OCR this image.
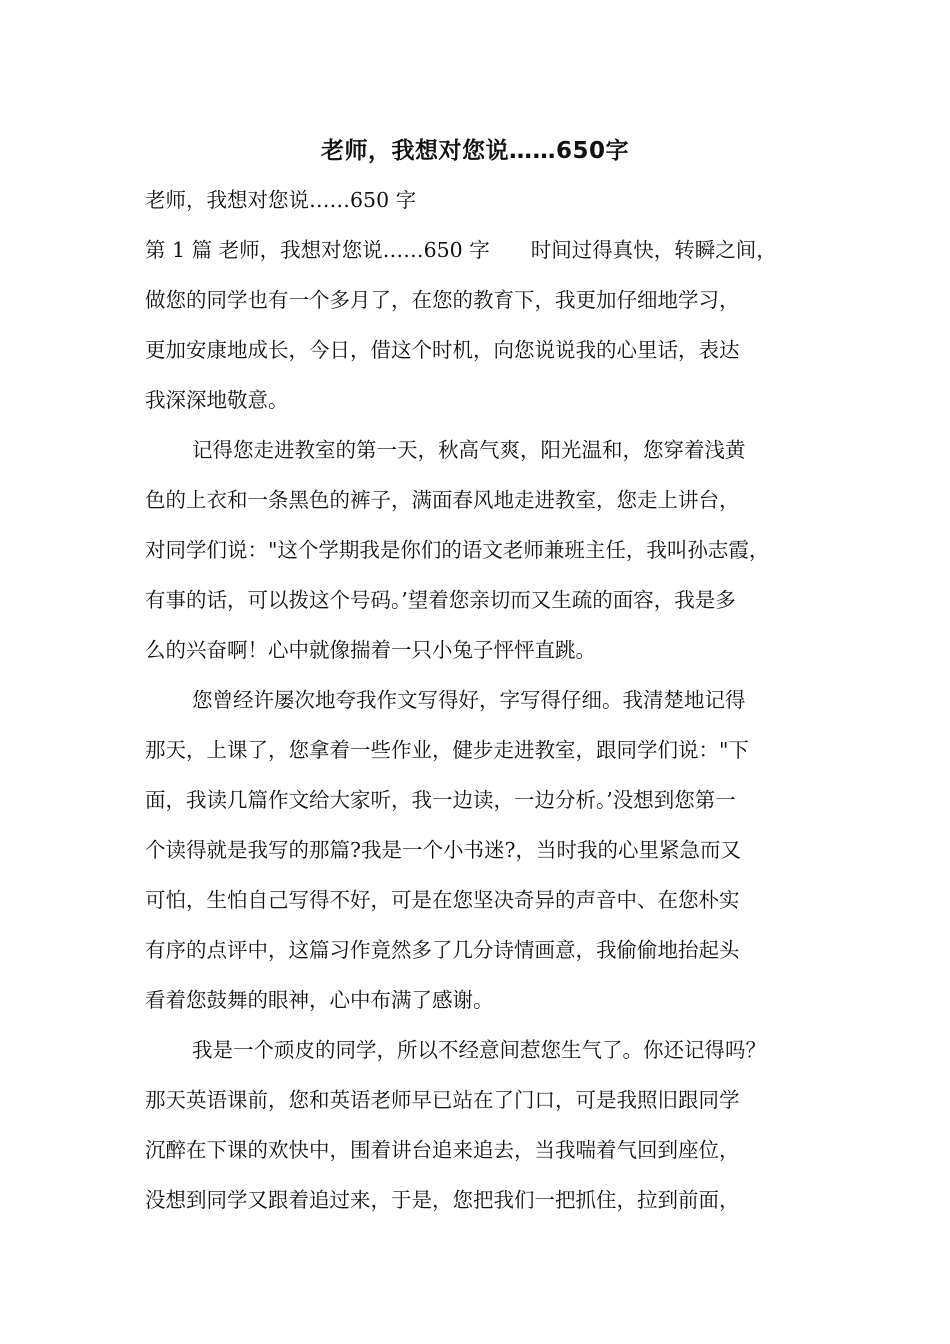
老师，我想对您说……650字
老师，我想对您说……650 字
第 1 篇 老师，我想对您说……650 字　　时间过得真快，转瞬之间，
做您的同学也有一个多月了，在您的教育下，我更加仔细地学习，
更加安康地成长，今日，借这个时机，向您说说我的心里话，表达
我深深地敬意。
记得您走进教室的第一天，秋高气爽，阳光温和，您穿着浅黄
色的上衣和一条黑色的裤子，满面春风地走进教室，您走上讲台，
对同学们说："这个学期我是你们的语文老师兼班主任，我叫孙志霞，
有事的话，可以拨这个号码。’望着您亲切而又生疏的面容，我是多
么的兴奋啊！心中就像揣着一只小兔子怦怦直跳。
您曾经许屡次地夸我作文写得好，字写得仔细。我清楚地记得
那天，上课了，您拿着一些作业，健步走进教室，跟同学们说："下
面，我读几篇作文给大家听，我一边读，一边分析。’没想到您第一
个读得就是我写的那篇?我是一个小书迷?，当时我的心里紧急而又
可怕，生怕自己写得不好，可是在您坚决奇异的声音中、在您朴实
有序的点评中，这篇习作竟然多了几分诗情画意，我偷偷地抬起头
看着您鼓舞的眼神，心中布满了感谢。
我是一个顽皮的同学，所以不经意间惹您生气了。你还记得吗？
那天英语课前，您和英语老师早已站在了门口，可是我照旧跟同学
沉醉在下课的欢快中，围着讲台追来追去，当我喘着气回到座位，
没想到同学又跟着追过来，于是，您把我们一把抓住，拉到前面，
